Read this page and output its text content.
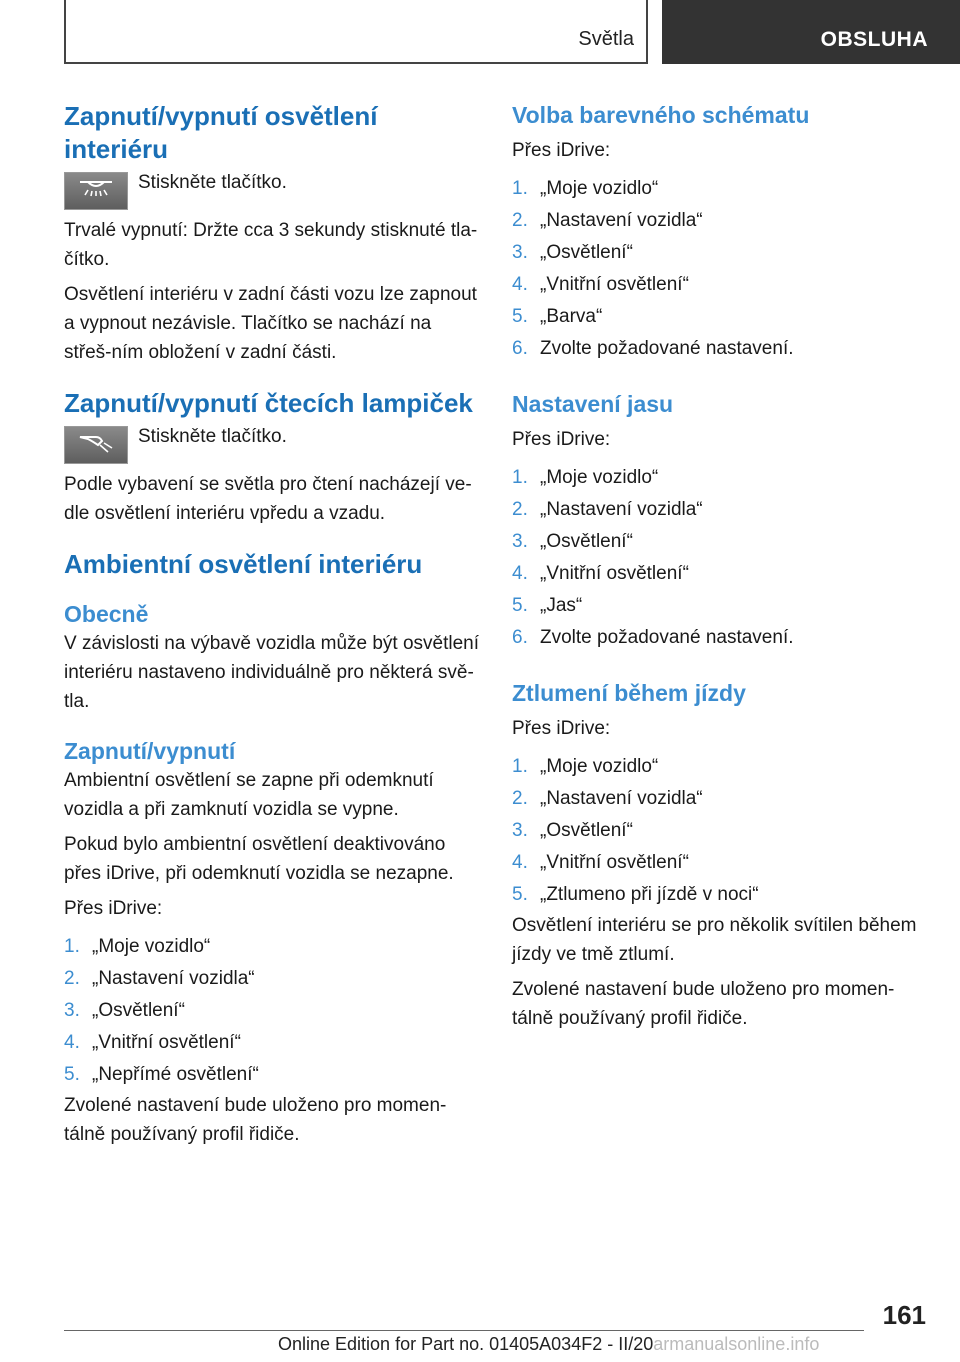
Světla	OBSLUHA
Zapnutí/vypnutí osvětlení interiéru

Stiskněte tlačítko.

Trvalé vypnutí: Držte cca 3 sekundy stisknuté tla‐čítko.

Osvětlení interiéru v zadní části vozu lze zapnout a vypnout nezávisle. Tlačítko se nachází na střeš‐ním obložení v zadní části.

Zapnutí/vypnutí čtecích lampiček

Stiskněte tlačítko.

Podle vybavení se světla pro čtení nacházejí ve‐dle osvětlení interiéru vpředu a vzadu.

Ambientní osvětlení interiéru
Obecně

V závislosti na výbavě vozidla může být osvětlení interiéru nastaveno individuálně pro některá svě‐tla.

Zapnutí/vypnutí

Ambientní osvětlení se zapne při odemknutí vozidla a při zamknutí vozidla se vypne.

Pokud bylo ambientní osvětlení deaktivováno přes iDrive, při odemknutí vozidla se nezapne.

Přes iDrive:

1. „Moje vozidlo“
2. „Nastavení vozidla“
3. „Osvětlení“
4. „Vnitřní osvětlení“
5. „Nepřímé osvětlení“

Zvolené nastavení bude uloženo pro momen‐tálně používaný profil řidiče.

Volba barevného schématu

Přes iDrive:

1. „Moje vozidlo“
2. „Nastavení vozidla“
3. „Osvětlení“
4. „Vnitřní osvětlení“
5. „Barva“
6. Zvolte požadované nastavení.
Nastavení jasu

Přes iDrive:

1. „Moje vozidlo“
2. „Nastavení vozidla“
3. „Osvětlení“
4. „Vnitřní osvětlení“
5. „Jas“
6. Zvolte požadované nastavení.
Ztlumení během jízdy

Přes iDrive:

1. „Moje vozidlo“
2. „Nastavení vozidla“
3. „Osvětlení“
4. „Vnitřní osvětlení“
5. „Ztlumeno při jízdě v noci“

Osvětlení interiéru se pro několik svítilen během jízdy ve tmě ztlumí.

Zvolené nastavení bude uloženo pro momen‐tálně používaný profil řidiče.

161
Online Edition for Part no. 01405A034F2 - II/20armanualsonline.info
